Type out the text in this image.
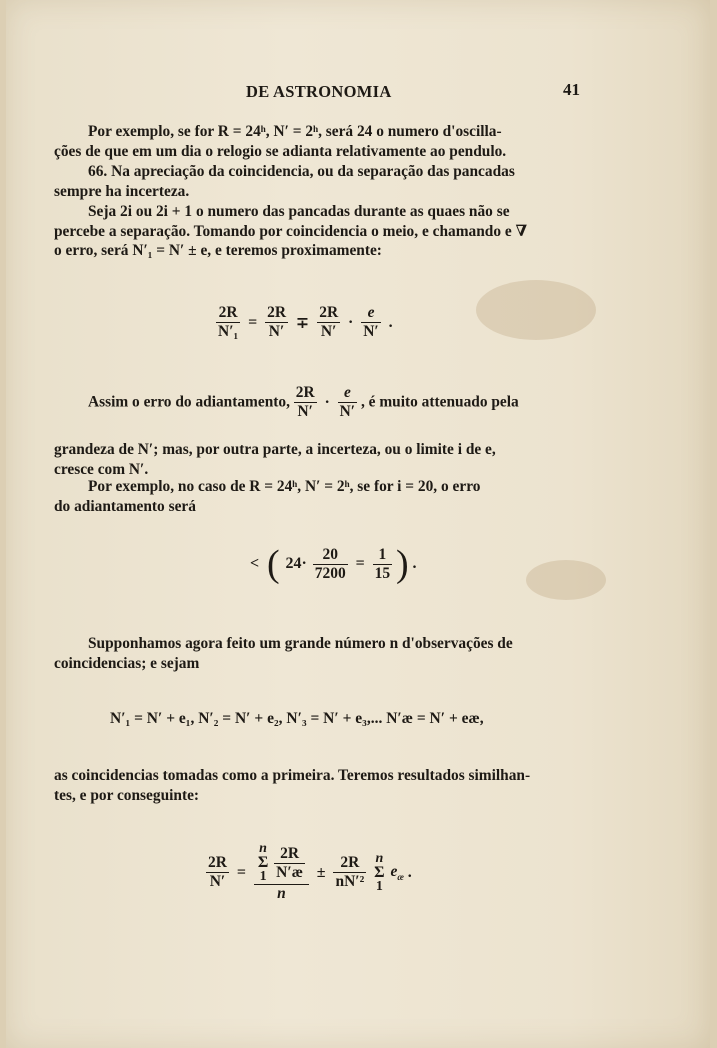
DE ASTRONOMIA	41
Por exemplo, se for R = 24ʰ, N′ = 2ʰ, será 24 o numero d'oscilla-
ções de que em um dia o relogio se adianta relativamente ao pendulo.
66. Na apreciação da coincidencia, ou da separação das pancadas
sempre ha incerteza.
Seja 2i ou 2i + 1 o numero das pancadas durante as quaes não se
percebe a separação. Tomando por coincidencia o meio, e chamando e ∇
o erro, será N′₁ = N′ ± e, e teremos proximamente:
$\frac{2R}{\text{N′₁}} = \frac{2R}{N'} \mp \frac{2R}{N'} \cdot \frac{e}{N'}$ .
Assim o erro do adiantamento, $\frac{2R}{N'} \cdot \frac{e}{N'}$ , é muito attenuado pela
grandeza de N′; mas, por outra parte, a incerteza, ou o limite i de e,
cresce com N′.
Por exemplo, no caso de R = 24ʰ, N′ = 2ʰ, se for i = 20, o erro
do adiantamento será
< ( $24\cdot \frac{20}{7200} = \frac{1}{15}$ ) .
Supponhamos agora feito um grande número n d'observações de
coincidencias; e sejam
N′₁ = N′ + e₁, N′₂ = N′ + e₂, N′₃ = N′ + e₃,... N′æ = N′ + eæ,
as coincidencias tomadas como a primeira. Teremos resultados similhan-
tes, e por conseguinte:
$\frac{2R}{N'} = n$
Σ
1
$\frac{2R}{N'æ}$
$n \pm \frac{2R}{\text{nN′²}}$
n
Σ
1
$e_æ$ .
